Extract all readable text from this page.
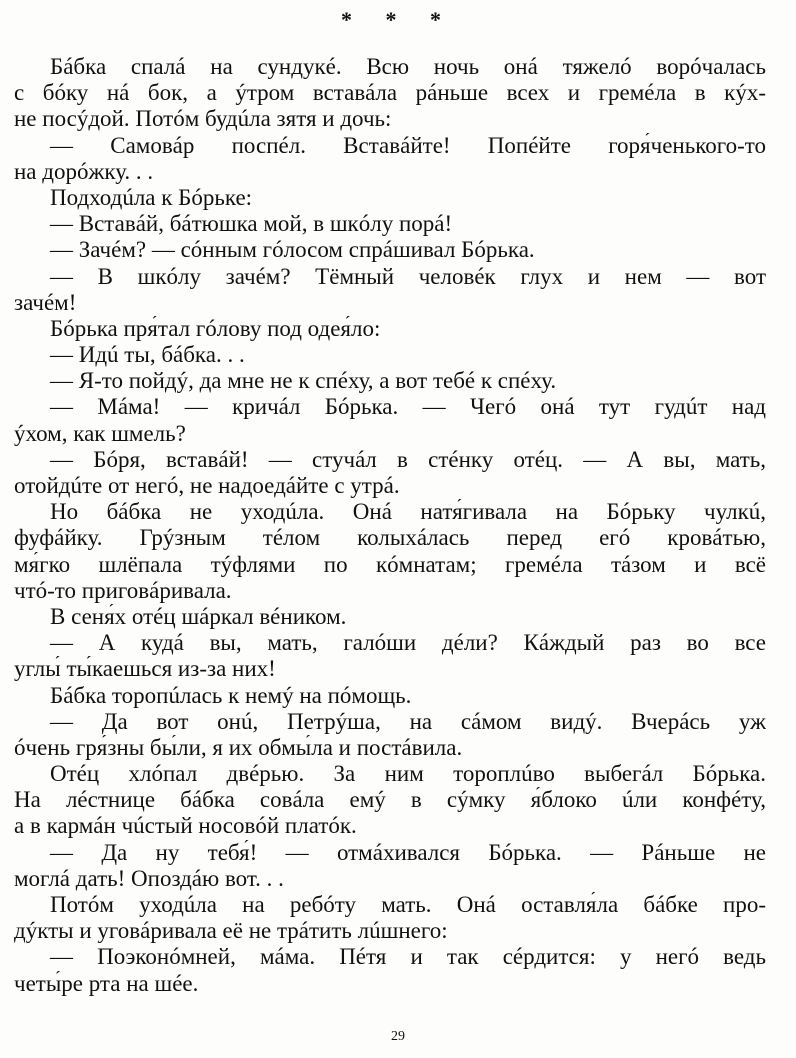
* * *
Бáбка спалá на сундукé. Всю ночь онá тяжелó ворóчалась
с бóку нá бок, а ýтром вставáла рáньше всех и гремéла в кýх-
не посýдой. Потóм будúла зятя и дочь:
— Самовáр поспéл. Вставáйте! Попéйте горя́ченького-то
на дорóжку. . .
Подходúла к Бóрьке:
— Вставáй, бáтюшка мой, в шкóлу порá!
— Зачéм? — сóнным гóлосом спрáшивал Бóрька.
— В шкóлу зачéм? Тёмный человéк глух и нем — вот
зачéм!
Бóрька пря́тал гóлову под одея́ло:
— Идú ты, бáбка. . .
— Я-то пойдý, да мне не к спéху, а вот тебé к спéху.
— Мáма! — кричáл Бóрька. — Чегó онá тут гудúт над
ýхом, как шмель?
— Бóря, вставáй! — стучáл в стéнку отéц. — А вы, мать,
отойдúте от негó, не надоедáйте с утрá.
Но бáбка не уходúла. Онá натя́гивала на Бóрьку чулкú,
фуфáйку. Грýзным тéлом колыхáлась перед егó кровáтью,
мя́гко шлёпала тýфлями по кóмнатам; гремéла тáзом и всё
чтó-то приговáривала.
В сеня́х отéц шáркал вéником.
— А кудá вы, мать, галóши дéли? Кáждый раз во все
углы́ ты́каешься из-за них!
Бáбка торопúлась к немý на пóмощь.
— Да вот онú, Петрýша, на сáмом видý. Вчерáсь уж
óчень гря́зны бы́ли, я их обмы́ла и постáвила.
Отéц хлóпал двéрью. За ним тороплúво выбегáл Бóрька.
На лéстнице бáбка совáла емý в сýмку я́блоко úли конфéту,
а в кармáн чúстый носовóй платóк.
— Да ну тебя́! — отмáхивался Бóрька. — Рáньше не
моглá дать! Опоздáю вот. . .
Потóм уходúла на ребóту мать. Онá оставля́ла бáбке про-
дýкты и уговáривала её не трáтить лúшнего:
— Поэконóмней, мáма. Пéтя и так сéрдится: у негó ведь
четы́ре рта на шée.
29
